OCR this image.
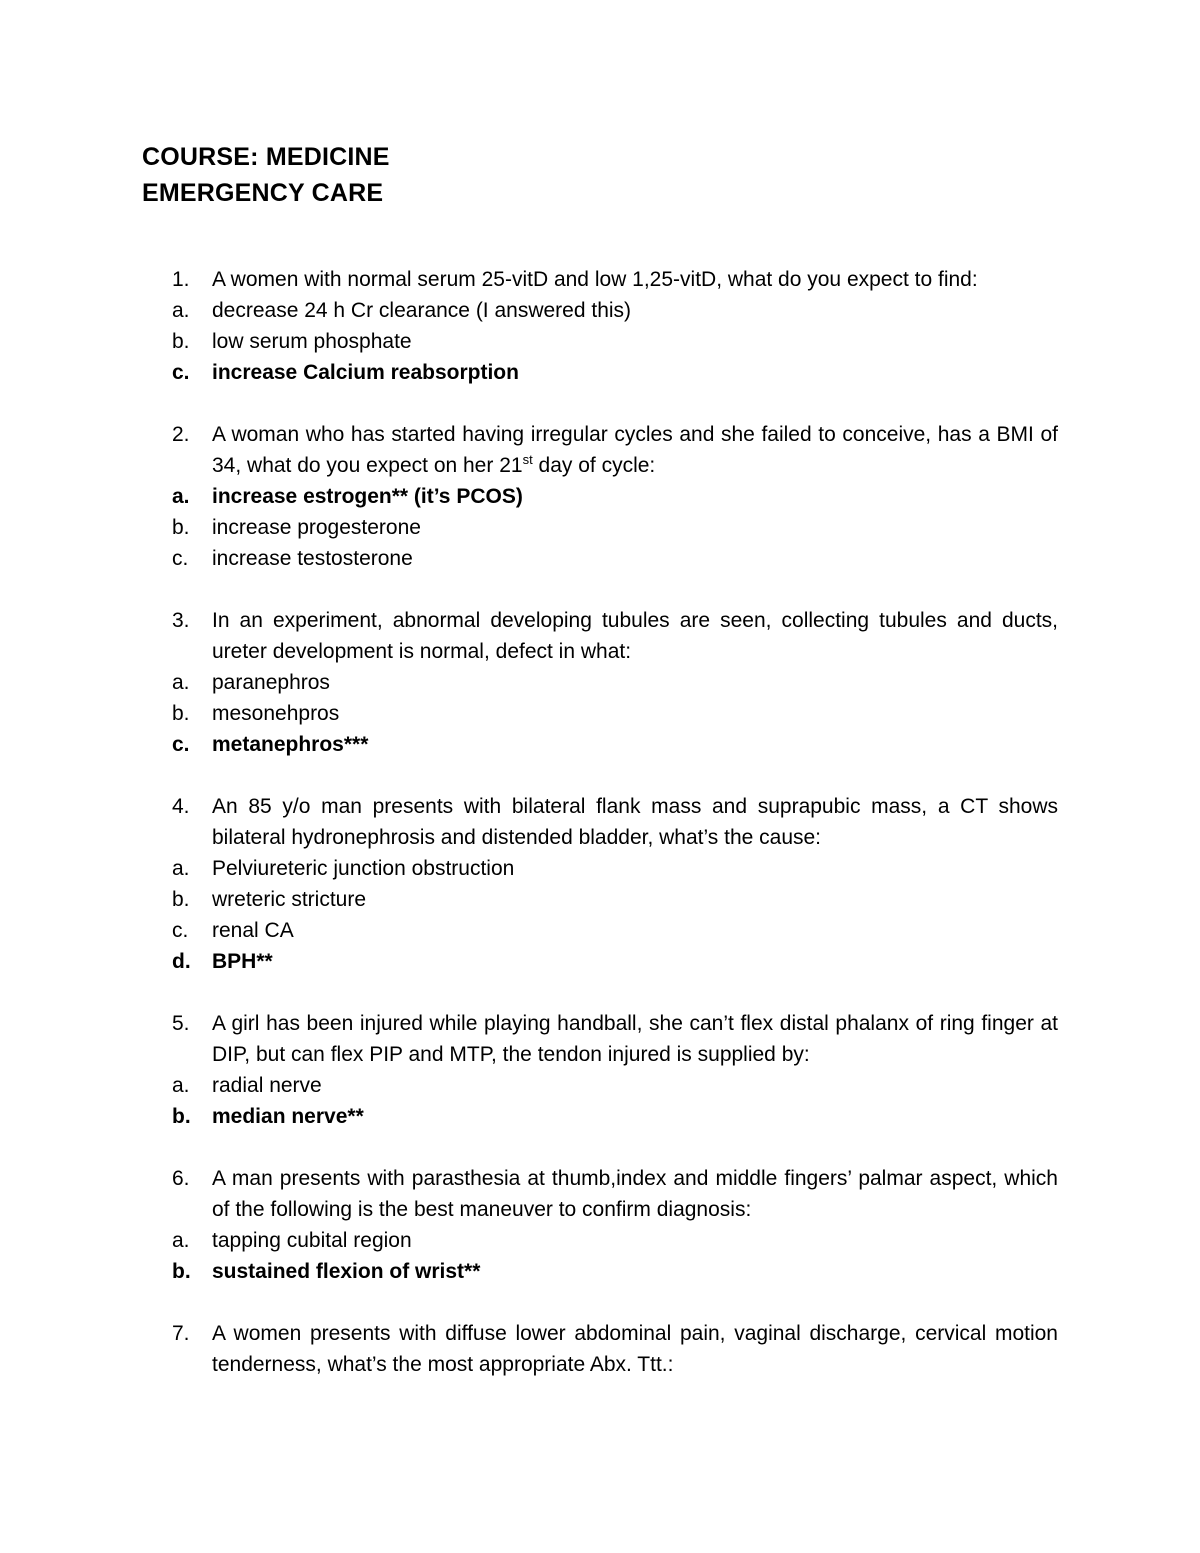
COURSE: MEDICINE
EMERGENCY CARE
1.	A women with normal serum 25-vitD and low 1,25-vitD, what do you expect to find:
a.	decrease 24 h Cr clearance (I answered this)
b.	low serum phosphate
c.	increase Calcium reabsorption
2.	A woman who has started having irregular cycles and she failed to conceive, has a BMI of 34, what do you expect on her 21st day of cycle:
a.	increase estrogen** (it’s PCOS)
b.	increase progesterone
c.	increase testosterone
3.	In an experiment, abnormal developing tubules are seen, collecting tubules and ducts, ureter development is normal, defect in what:
a.	paranephros
b.	mesonehpros
c.	metanephros***
4.	An 85 y/o man presents with bilateral flank mass and suprapubic mass, a CT shows bilateral hydronephrosis and distended bladder, what’s the cause:
a.	Pelviureteric junction obstruction
b.	wreteric stricture
c.	renal CA
d.	BPH**
5.	A girl has been injured while playing handball, she can’t flex distal phalanx of ring finger at DIP, but can flex PIP and MTP, the tendon injured is supplied by:
a.	radial nerve
b.	median nerve**
6.	A man presents with parasthesia at thumb,index and middle fingers’ palmar aspect, which of the following is the best maneuver to confirm diagnosis:
a.	tapping cubital region
b.	sustained flexion of wrist**
7.	A women presents with diffuse lower abdominal pain, vaginal discharge, cervical motion tenderness, what’s the most appropriate Abx. Ttt.:
